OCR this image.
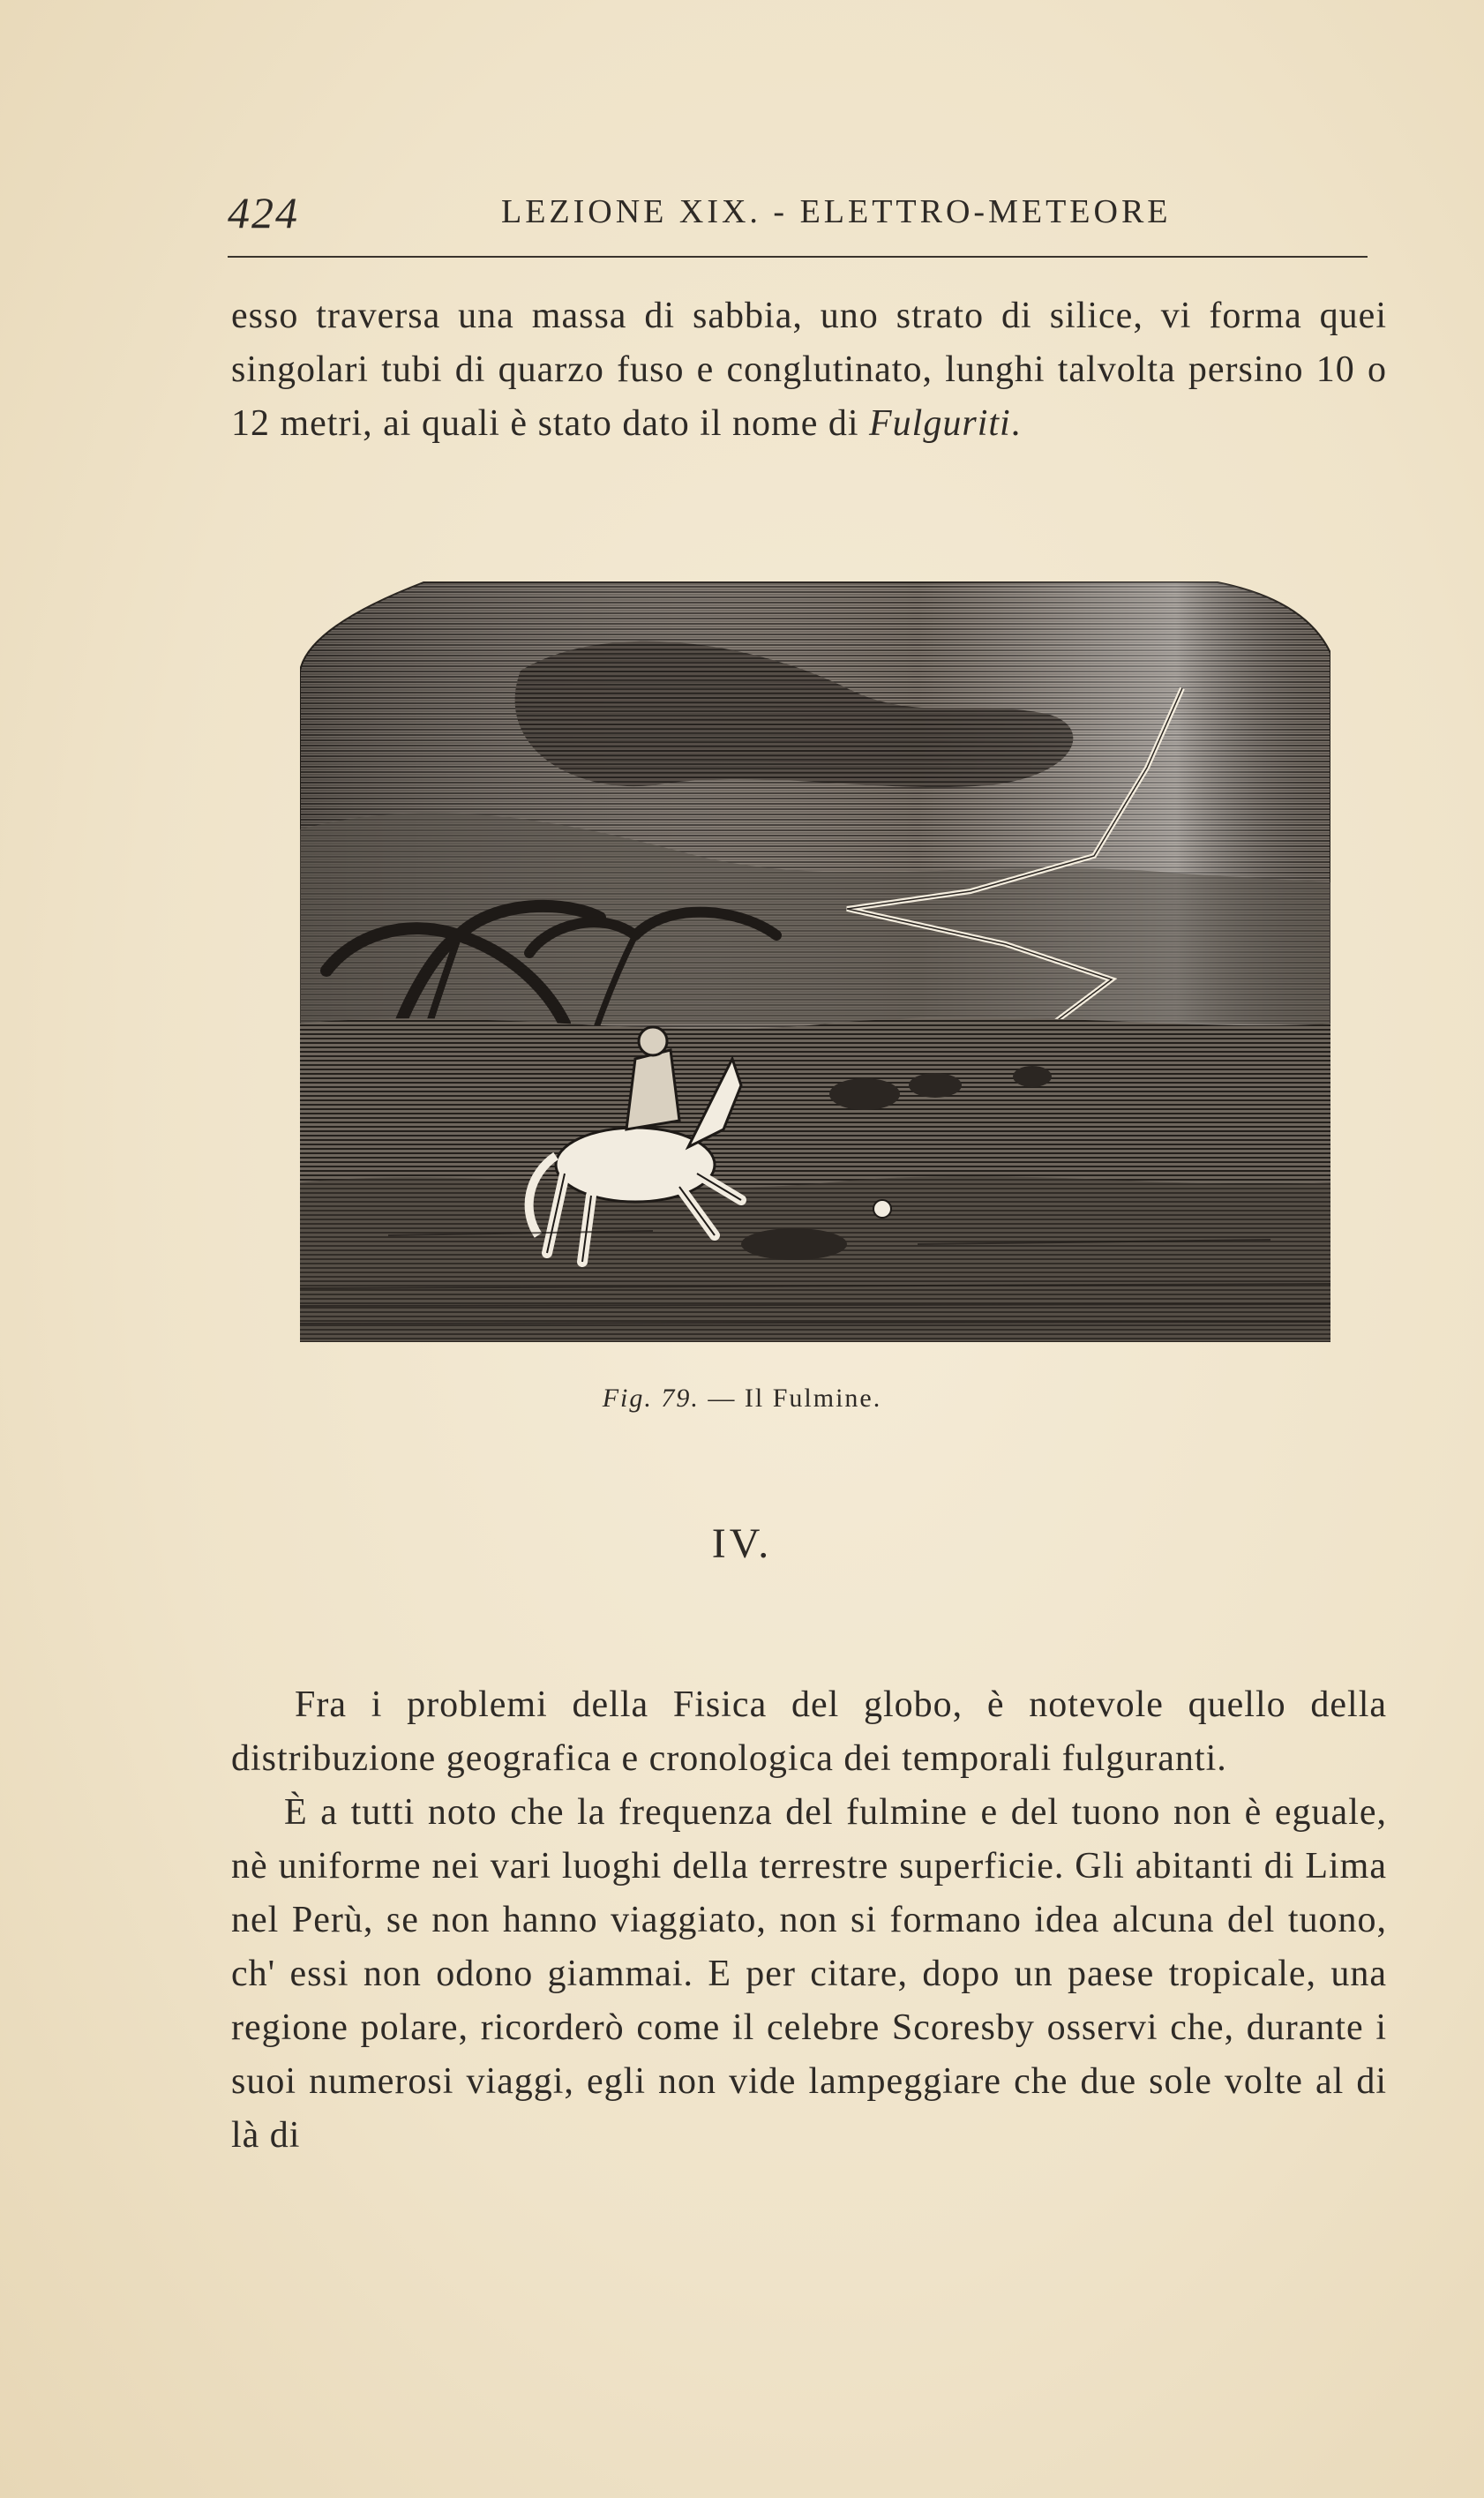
424	LEZIONE XIX. - ELETTRO-METEORE

esso traversa una massa di sabbia, uno strato di silice, vi forma quei singolari tubi di quarzo fuso e conglutinato, lunghi talvolta persino 10 o 12 metri, ai quali è stato dato il nome di Fulguriti.

Fig. 79. — Il Fulmine.
IV.

Fra i problemi della Fisica del globo, è notevole quello della distribuzione geografica e cronologica dei temporali fulguranti.

È a tutti noto che la frequenza del fulmine e del tuono non è eguale, nè uniforme nei vari luoghi della terrestre superficie. Gli abitanti di Lima nel Perù, se non hanno viaggiato, non si formano idea alcuna del tuono, ch' essi non odono giammai. E per citare, dopo un paese tropicale, una regione polare, ricorderò come il celebre Scoresby osservi che, durante i suoi numerosi viaggi, egli non vide lampeggiare che due sole volte al di là di
